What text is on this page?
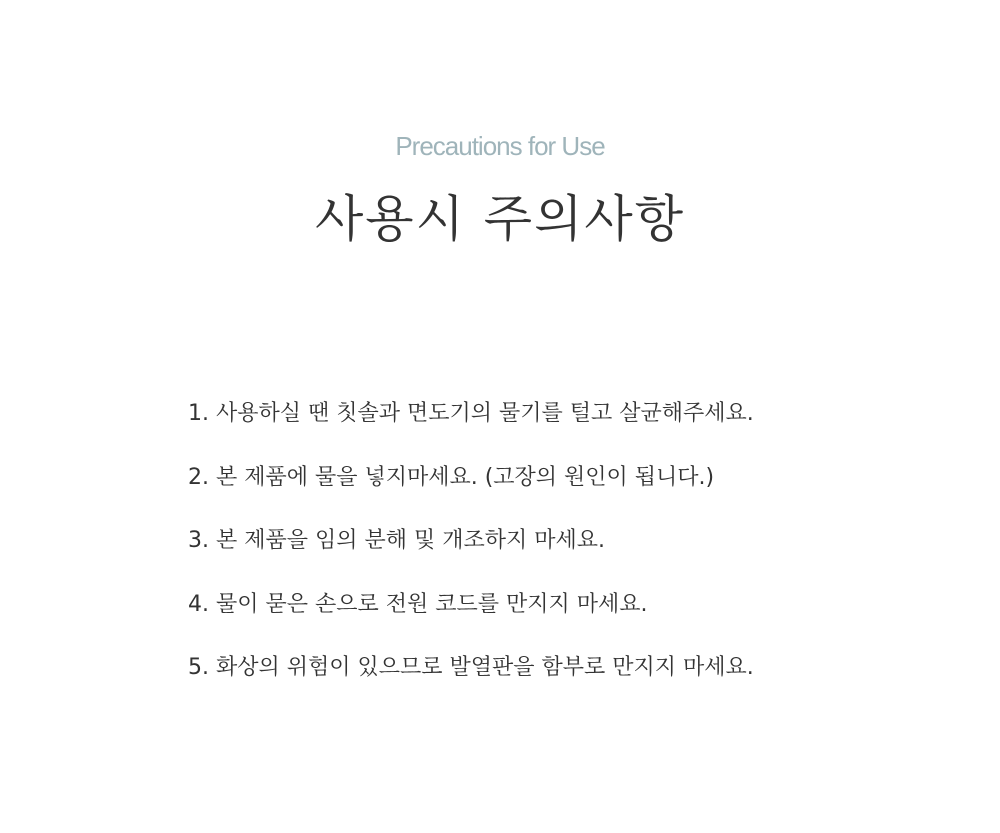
Precautions for Use

사용시 주의사항
1. 사용하실 땐 칫솔과 면도기의 물기를 털고 살균해주세요.
2. 본 제품에 물을 넣지마세요. (고장의 원인이 됩니다.)
3. 본 제품을 임의 분해 및 개조하지 마세요.
4. 물이 묻은 손으로 전원 코드를 만지지 마세요.
5. 화상의 위험이 있으므로 발열판을 함부로 만지지 마세요.
